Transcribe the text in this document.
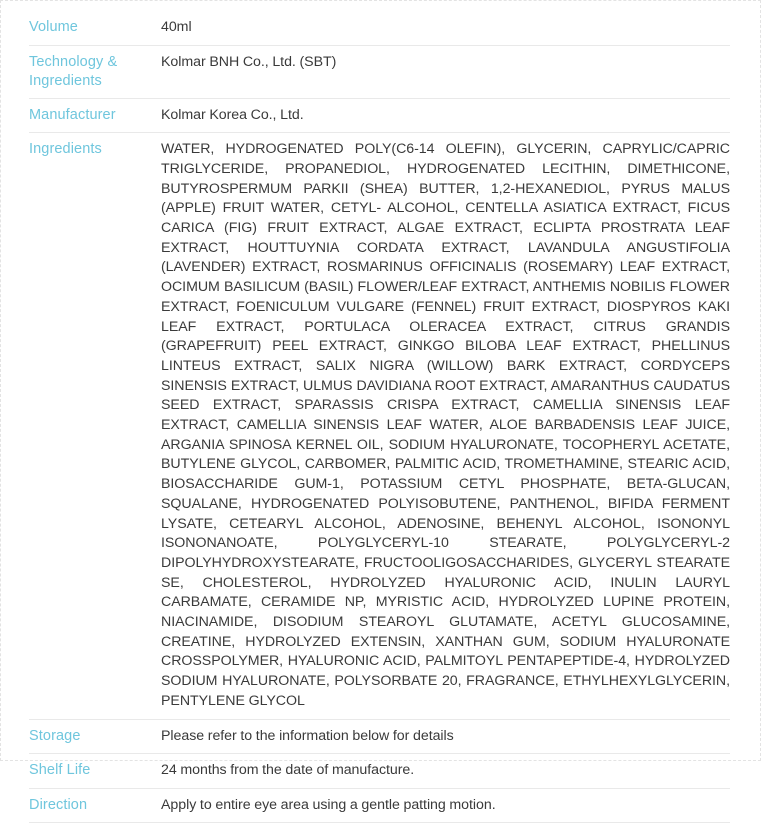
Volume	40ml
Technology & Ingredients	Kolmar BNH Co., Ltd. (SBT)
Manufacturer	Kolmar Korea Co., Ltd.
Ingredients	WATER, HYDROGENATED POLY(C6-14 OLEFIN), GLYCERIN, CAPRYLIC/CAPRIC TRIGLYCERIDE, PROPANEDIOL, HYDROGENATED LECITHIN, DIMETHICONE, BUTYROSPERMUM PARKII (SHEA) BUTTER, 1,2-HEXANEDIOL, PYRUS MALUS (APPLE) FRUIT WATER, CETYL- ALCOHOL, CENTELLA ASIATICA EXTRACT, FICUS CARICA (FIG) FRUIT EXTRACT, ALGAE EXTRACT, ECLIPTA PROSTRATA LEAF EXTRACT, HOUTTUYNIA CORDATA EXTRACT, LAVANDULA ANGUSTIFOLIA (LAVENDER) EXTRACT, ROSMARINUS OFFICINALIS (ROSEMARY) LEAF EXTRACT, OCIMUM BASILICUM (BASIL) FLOWER/LEAF EXTRACT, ANTHEMIS NOBILIS FLOWER EXTRACT, FOENICULUM VULGARE (FENNEL) FRUIT EXTRACT, DIOSPYROS KAKI LEAF EXTRACT, PORTULACA OLERACEA EXTRACT, CITRUS GRANDIS (GRAPEFRUIT) PEEL EXTRACT, GINKGO BILOBA LEAF EXTRACT, PHELLINUS LINTEUS EXTRACT, SALIX NIGRA (WILLOW) BARK EXTRACT, CORDYCEPS SINENSIS EXTRACT, ULMUS DAVIDIANA ROOT EXTRACT, AMARANTHUS CAUDATUS SEED EXTRACT, SPARASSIS CRISPA EXTRACT, CAMELLIA SINENSIS LEAF EXTRACT, CAMELLIA SINENSIS LEAF WATER, ALOE BARBADENSIS LEAF JUICE, ARGANIA SPINOSA KERNEL OIL, SODIUM HYALURONATE, TOCOPHERYL ACETATE, BUTYLENE GLYCOL, CARBOMER, PALMITIC ACID, TROMETHAMINE, STEARIC ACID, BIOSACCHARIDE GUM-1, POTASSIUM CETYL PHOSPHATE, BETA-GLUCAN, SQUALANE, HYDROGENATED POLYISOBUTENE, PANTHENOL, BIFIDA FERMENT LYSATE, CETEARYL ALCOHOL, ADENOSINE, BEHENYL ALCOHOL, ISONONYL ISONONANOATE, POLYGLYCERYL-10 STEARATE, POLYGLYCERYL-2 DIPOLYHYDROXYSTEARATE, FRUCTOOLIGOSACCHARIDES, GLYCERYL STEARATE SE, CHOLESTEROL, HYDROLYZED HYALURONIC ACID, INULIN LAURYL CARBAMATE, CERAMIDE NP, MYRISTIC ACID, HYDROLYZED LUPINE PROTEIN, NIACINAMIDE, DISODIUM STEAROYL GLUTAMATE, ACETYL GLUCOSAMINE, CREATINE, HYDROLYZED EXTENSIN, XANTHAN GUM, SODIUM HYALURONATE CROSSPOLYMER, HYALURONIC ACID, PALMITOYL PENTAPEPTIDE-4, HYDROLYZED SODIUM HYALURONATE, POLYSORBATE 20, FRAGRANCE, ETHYLHEXYLGLYCERIN, PENTYLENE GLYCOL

Storage	Please refer to the information below for details
Shelf Life	24 months from the date of manufacture.
Direction	Apply to entire eye area using a gentle patting motion.
